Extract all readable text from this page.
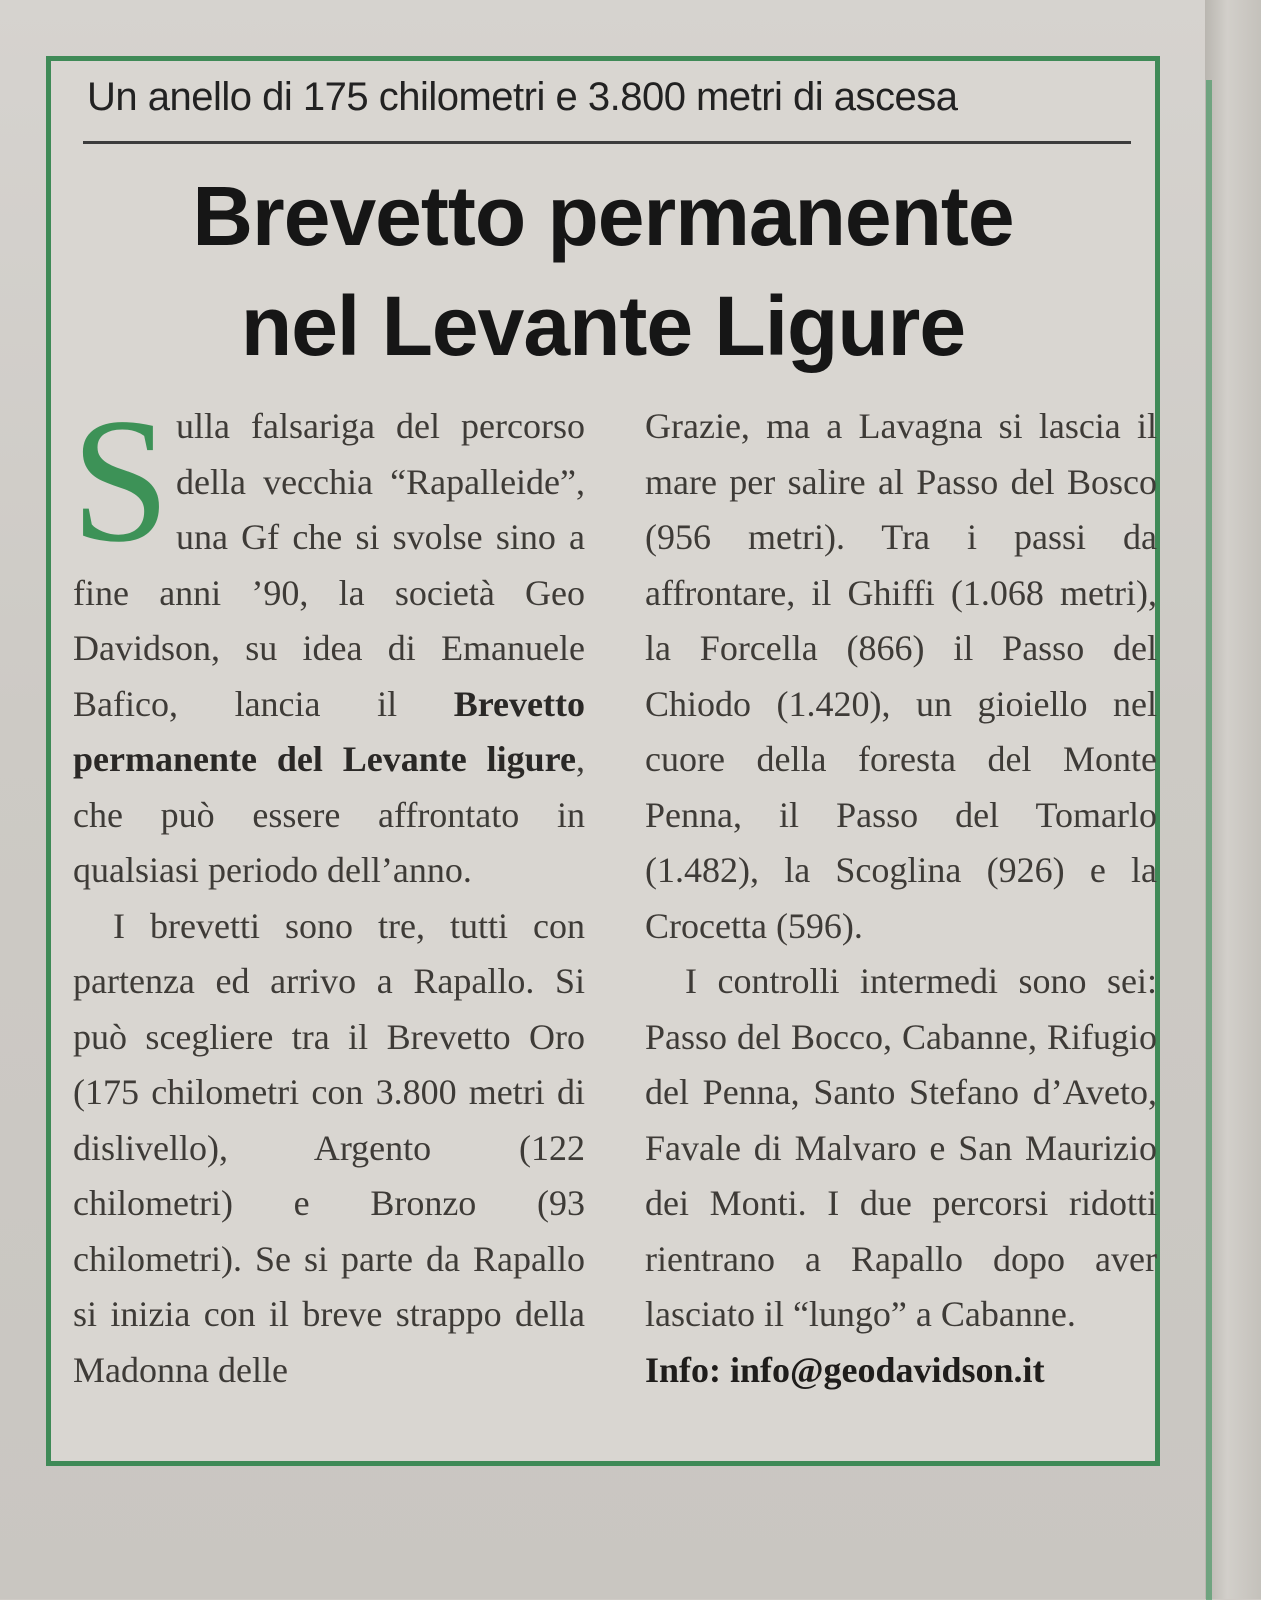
Un anello di 175 chilometri e 3.800 metri di ascesa
Brevetto permanente
nel Levante Ligure

Sulla falsariga del percorso della vecchia “Rapalleide”, una Gf che si svolse sino a fine anni ’90, la società Geo Davidson, su idea di Emanuele Bafico, lancia il Brevetto permanente del Levante ligure, che può essere affrontato in qualsiasi periodo dell’anno.

I brevetti sono tre, tutti con partenza ed arrivo a Rapallo. Si può scegliere tra il Brevetto Oro (175 chilometri con 3.800 metri di dislivello), Argento (122 chilometri) e Bronzo (93 chilometri). Se si parte da Rapallo si inizia con il breve strappo della Madonna delle

Grazie, ma a Lavagna si lascia il mare per salire al Passo del Bosco (956 metri). Tra i passi da affrontare, il Ghiffi (1.068 metri), la Forcella (866) il Passo del Chiodo (1.420), un gioiello nel cuore della foresta del Monte Penna, il Passo del Tomarlo (1.482), la Scoglina (926) e la Crocetta (596).

I controlli intermedi sono sei: Passo del Bocco, Cabanne, Rifugio del Penna, Santo Stefano d’Aveto, Favale di Malvaro e San Maurizio dei Monti. I due percorsi ridotti rientrano a Rapallo dopo aver lasciato il “lungo” a Cabanne.

Info: info@geodavidson.it
